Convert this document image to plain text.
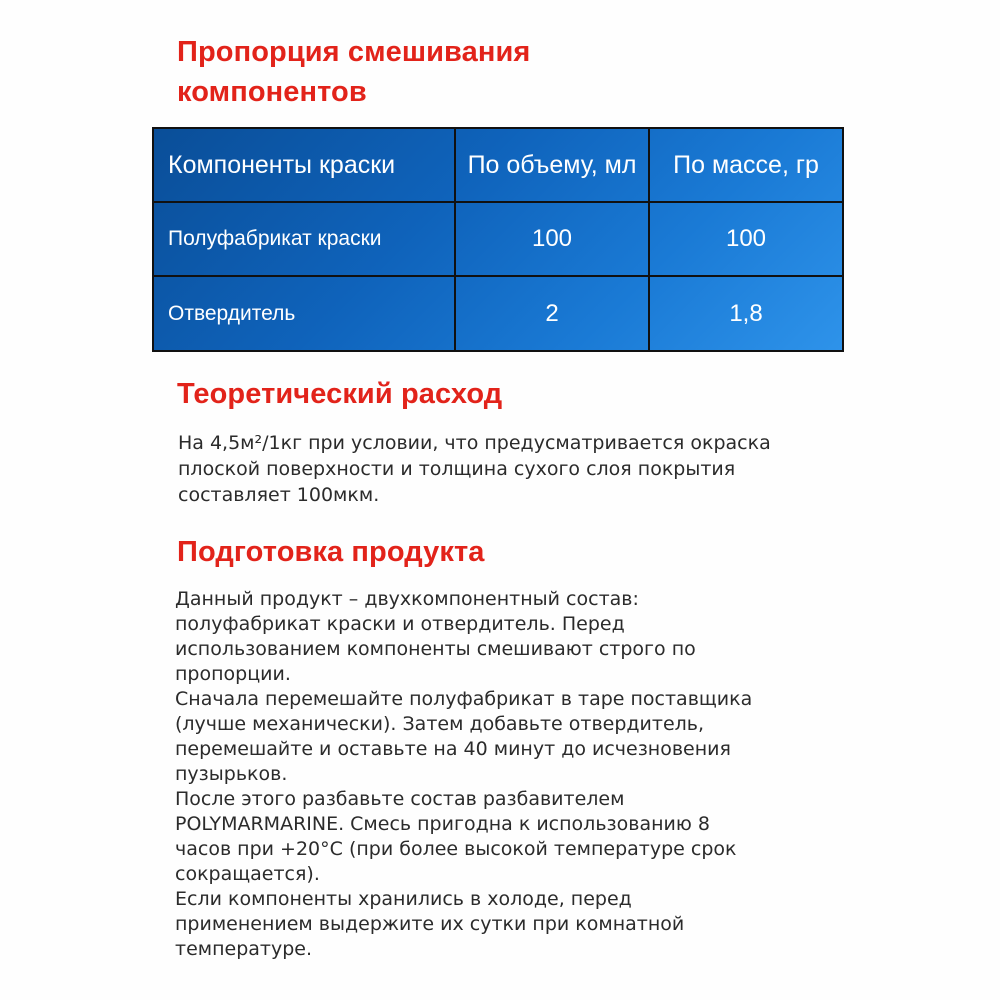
Пропорция смешивания компонентов
Компоненты краски	По объему, мл	По массе, гр
Полуфабрикат краски	100	100
Отвердитель	2	1,8
Теоретический расход

На 4,5м²/1кг при условии, что предусматривается окраска
плоской поверхности и толщина сухого слоя покрытия
составляет 100мкм.

Подготовка продукта

Данный продукт – двухкомпонентный состав:
полуфабрикат краски и отвердитель. Перед
использованием компоненты смешивают строго по
пропорции.
Сначала перемешайте полуфабрикат в таре поставщика
(лучше механически). Затем добавьте отвердитель,
перемешайте и оставьте на 40 минут до исчезновения
пузырьков.
После этого разбавьте состав разбавителем
POLYMARMARINE. Смесь пригодна к использованию 8
часов при +20°C (при более высокой температуре срок
сокращается).
Если компоненты хранились в холоде, перед
применением выдержите их сутки при комнатной
температуре.
